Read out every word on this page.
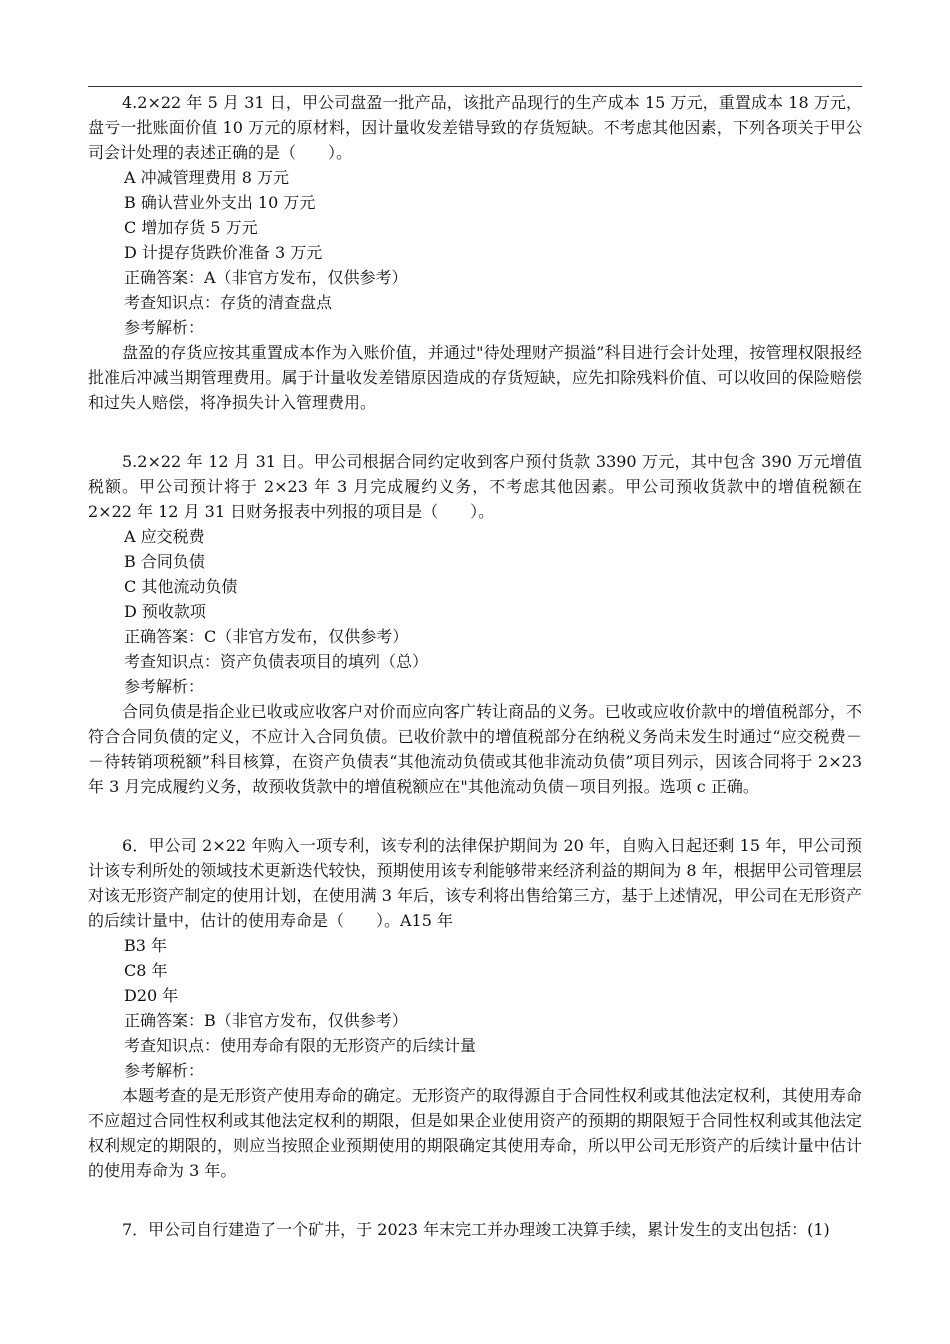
4.2×22 年 5 月 31 日，甲公司盘盈一批产品，该批产品现行的生产成本 15 万元，重置成本 18 万元，盘亏一批账面价值 10 万元的原材料，因计量收发差错导致的存货短缺。不考虑其他因素，下列各项关于甲公司会计处理的表述正确的是（　　）。

A 冲减管理费用 8 万元

B 确认营业外支出 10 万元

C 增加存货 5 万元

D 计提存货跌价准备 3 万元

正确答案：A（非官方发布，仅供参考）

考查知识点：存货的清查盘点

参考解析：

盘盈的存货应按其重置成本作为入账价值，并通过"待处理财产损溢”科目进行会计处理，按管理权限报经批准后冲减当期管理费用。属于计量收发差错原因造成的存货短缺，应先扣除残料价值、可以收回的保险赔偿和过失人赔偿，将净损失计入管理费用。

5.2×22 年 12 月 31 日。甲公司根据合同约定收到客户预付货款 3390 万元，其中包含 390 万元增值税额。甲公司预计将于 2×23 年 3 月完成履约义务，不考虑其他因素。甲公司预收货款中的增值税额在 2×22 年 12 月 31 日财务报表中列报的项目是（　　）。

A 应交税费

B 合同负债

C 其他流动负债

D 预收款项

正确答案：C（非官方发布，仅供参考）

考查知识点：资产负债表项目的填列（总）

参考解析：

合同负债是指企业已收或应收客户对价而应向客广转让商品的义务。已收或应收价款中的增值税部分，不符合合同负债的定义，不应计入合同负债。已收价款中的增值税部分在纳税义务尚未发生时通过“应交税费－－待转销项税额”科目核算，在资产负债表“其他流动负债或其他非流动负债”项目列示，因该合同将于 2×23 年 3 月完成履约义务，故预收货款中的增值税额应在"其他流动负债－项目列报。选项 c 正确。

6．甲公司 2×22 年购入一项专利，该专利的法律保护期间为 20 年，自购入日起还剩 15 年，甲公司预计该专利所处的领域技术更新迭代较快，预期使用该专利能够带来经济利益的期间为 8 年，根据甲公司管理层对该无形资产制定的使用计划，在使用满 3 年后，该专利将出售给第三方，基于上述情况，甲公司在无形资产的后续计量中，估计的使用寿命是（　　）。A15 年

B3 年

C8 年

D20 年

正确答案：B（非官方发布，仅供参考）

考查知识点：使用寿命有限的无形资产的后续计量

参考解析：

本题考查的是无形资产使用寿命的确定。无形资产的取得源自于合同性权利或其他法定权利，其使用寿命不应超过合同性权利或其他法定权利的期限，但是如果企业使用资产的预期的期限短于合同性权利或其他法定权利规定的期限的，则应当按照企业预期使用的期限确定其使用寿命，所以甲公司无形资产的后续计量中估计的使用寿命为 3 年。

7．甲公司自行建造了一个矿井，于 2023 年末完工并办理竣工决算手续，累计发生的支出包括：(1)
